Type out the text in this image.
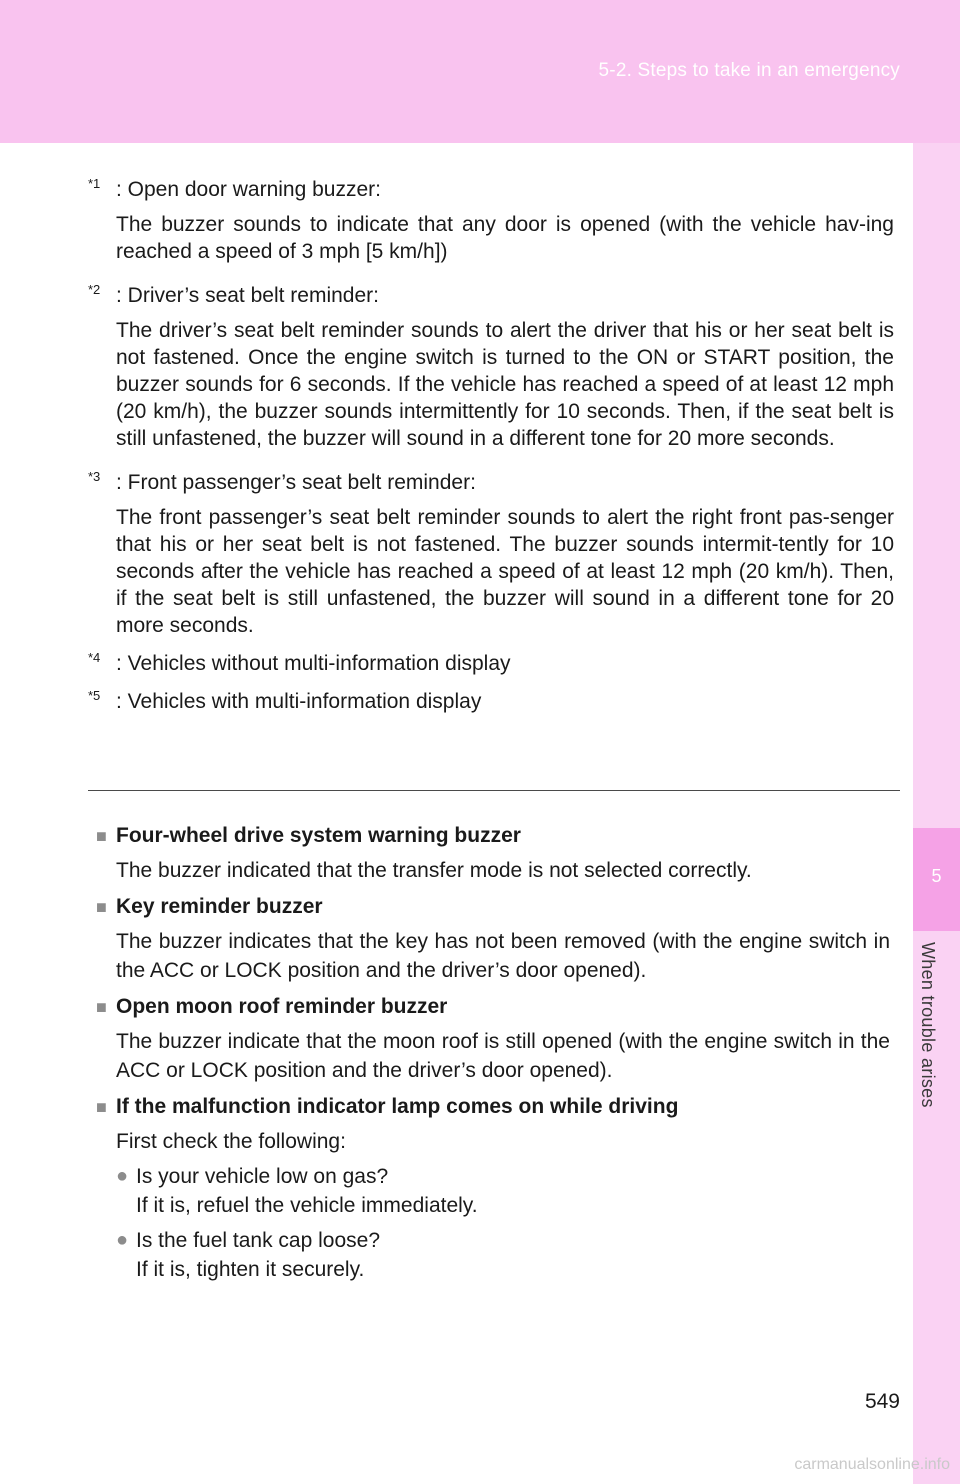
5-2. Steps to take in an emergency
5
When trouble arises
$^{*1}$ : Open door warning buzzer:
The buzzer sounds to indicate that any door is opened (with the vehicle hav-ing reached a speed of 3 mph [5 km/h])
$^{*2}$ : Driver’s seat belt reminder:
The driver’s seat belt reminder sounds to alert the driver that his or her seat belt is not fastened. Once the engine switch is turned to the ON or START position, the buzzer sounds for 6 seconds. If the vehicle has reached a speed of at least 12 mph (20 km/h), the buzzer sounds intermittently for 10 seconds. Then, if the seat belt is still unfastened, the buzzer will sound in a different tone for 20 more seconds.
$^{*3}$ : Front passenger’s seat belt reminder:
The front passenger’s seat belt reminder sounds to alert the right front pas-senger that his or her seat belt is not fastened. The buzzer sounds intermit-tently for 10 seconds after the vehicle has reached a speed of at least 12 mph (20 km/h). Then, if the seat belt is still unfastened, the buzzer will sound in a different tone for 20 more seconds.
$^{*4}$ : Vehicles without multi-information display
$^{*5}$ : Vehicles with multi-information display
■ Four-wheel drive system warning buzzer
The buzzer indicated that the transfer mode is not selected correctly.
■ Key reminder buzzer
The buzzer indicates that the key has not been removed (with the engine switch in the ACC or LOCK position and the driver’s door opened).
■ Open moon roof reminder buzzer
The buzzer indicate that the moon roof is still opened (with the engine switch in the ACC or LOCK position and the driver’s door opened).
■ If the malfunction indicator lamp comes on while driving
First check the following:
● Is your vehicle low on gas?
If it is, refuel the vehicle immediately.
● Is the fuel tank cap loose?
If it is, tighten it securely.
549
carmanualsonline.info
